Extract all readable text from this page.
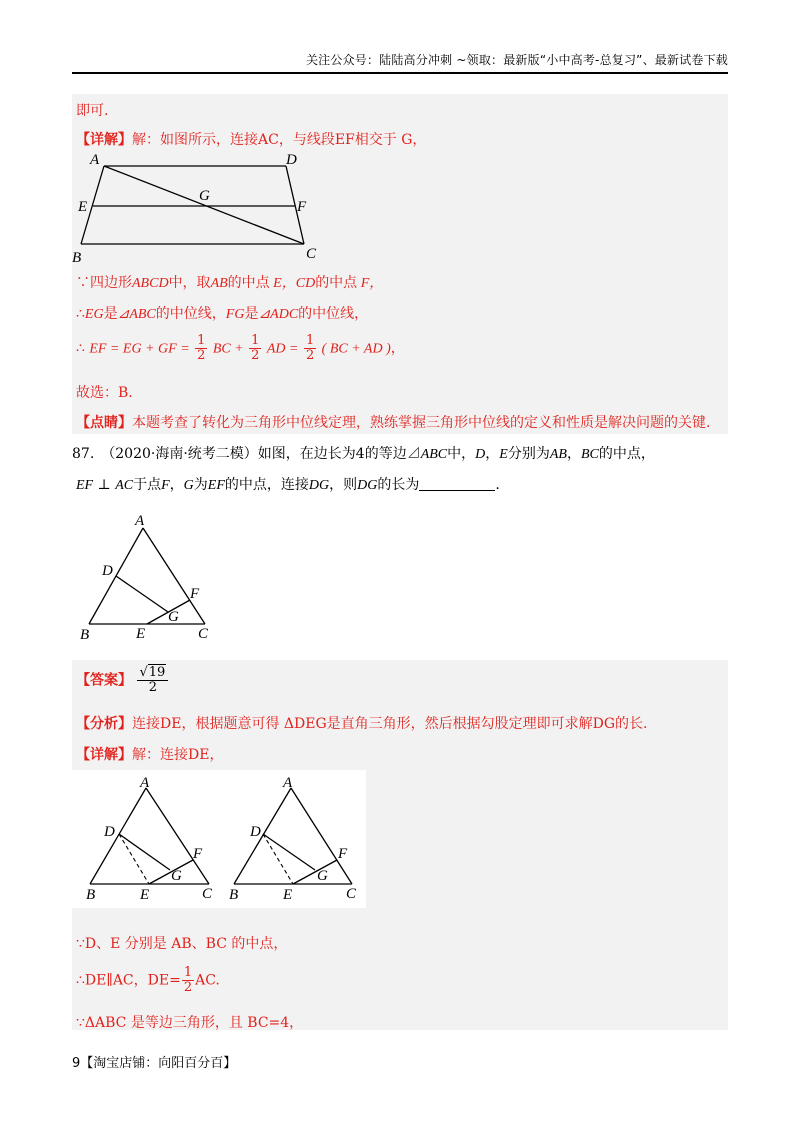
关注公众号：陆陆高分冲刺 ~领取：最新版“小中高考-总复习”、最新试卷下载
即可.
【详解】解：如图所示，连接AC，与线段EF相交于 G，
A	D
E
G
F
B	C
∵四边形ABCD中，取AB的中点 E，CD的中点 F，
∴EG是⊿ABC的中位线，FG是⊿ADC的中位线，
∴ EF = EG + GF = $\frac{1}{2}$ BC + $\frac{1}{2}$ AD = $\frac{1}{2}$ ( BC + AD )，
故选：B.
【点睛】本题考查了转化为三角形中位线定理，熟练掌握三角形中位线的定义和性质是解决问题的关键.
87.　（2020·海南·统考二模）如图，在边长为4的等边⊿ABC中，D，E分别为AB，BC的中点，
EF ⊥ AC于点F，G为EF的中点，连接DG，则DG的长为	.
A
D
F
G
B	E	C
【答案】 $\frac{√19}{2}$
【分析】连接DE，根据题意可得 ΔDEG是直角三角形，然后根据勾股定理即可求解DG的长.
【详解】解：连接DE，
A
D
F
G
B	E	C
A
D
F
G
B	E	C
∵D、E 分别是 AB、BC 的中点，
∴DE∥AC，$DE= \frac{1}{2}$ AC.
∵ΔABC 是等边三角形，且 BC=4，
9【淘宝店铺：向阳百分百】
